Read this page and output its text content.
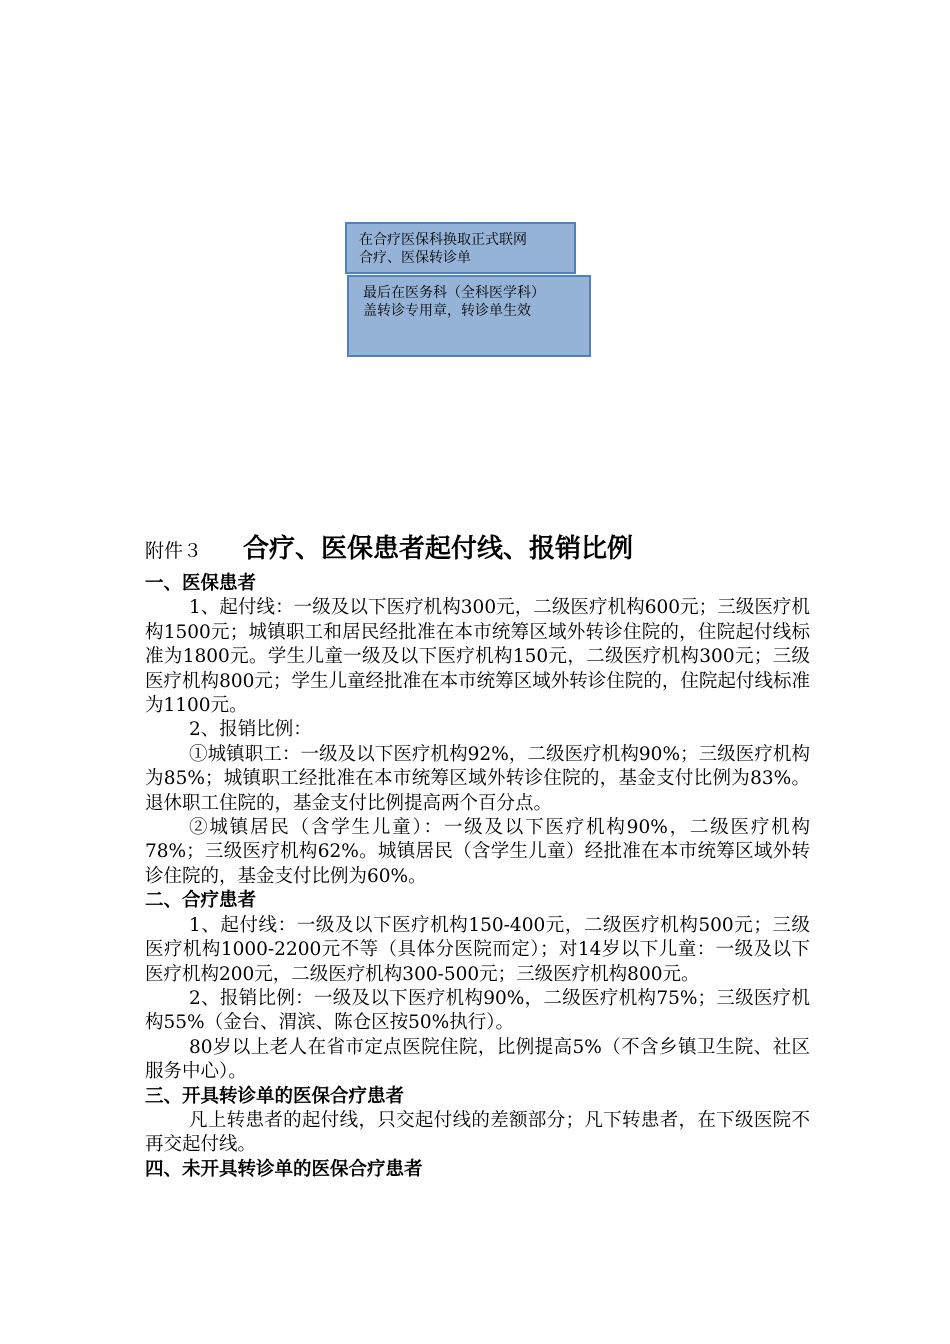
在合疗医保科换取正式联网
合疗、医保转诊单
最后在医务科（全科医学科）
盖转诊专用章，转诊单生效
附件３ 合疗、医保患者起付线、报销比例

一、医保患者

1、起付线：一级及以下医疗机构300元，二级医疗机构600元；三级医疗机构1500元；城镇职工和居民经批准在本市统筹区域外转诊住院的，住院起付线标准为1800元。学生儿童一级及以下医疗机构150元，二级医疗机构300元；三级医疗机构800元；学生儿童经批准在本市统筹区域外转诊住院的，住院起付线标准为1100元。

2、报销比例：

①城镇职工：一级及以下医疗机构92%，二级医疗机构90%；三级医疗机构为85%；城镇职工经批准在本市统筹区域外转诊住院的，基金支付比例为83%。退休职工住院的，基金支付比例提高两个百分点。

②城镇居民（含学生儿童）：一级及以下医疗机构90%，二级医疗机构78%；三级医疗机构62%。城镇居民（含学生儿童）经批准在本市统筹区域外转诊住院的，基金支付比例为60%。

二、合疗患者

1、起付线：一级及以下医疗机构150-400元，二级医疗机构500元；三级医疗机构1000-2200元不等（具体分医院而定）；对14岁以下儿童：一级及以下医疗机构200元，二级医疗机构300-500元；三级医疗机构800元。

2、报销比例：一级及以下医疗机构90%，二级医疗机构75%；三级医疗机构55%（金台、渭滨、陈仓区按50%执行）。

80岁以上老人在省市定点医院住院，比例提高5%（不含乡镇卫生院、社区服务中心）。

三、开具转诊单的医保合疗患者

凡上转患者的起付线，只交起付线的差额部分；凡下转患者，在下级医院不再交起付线。

四、未开具转诊单的医保合疗患者
